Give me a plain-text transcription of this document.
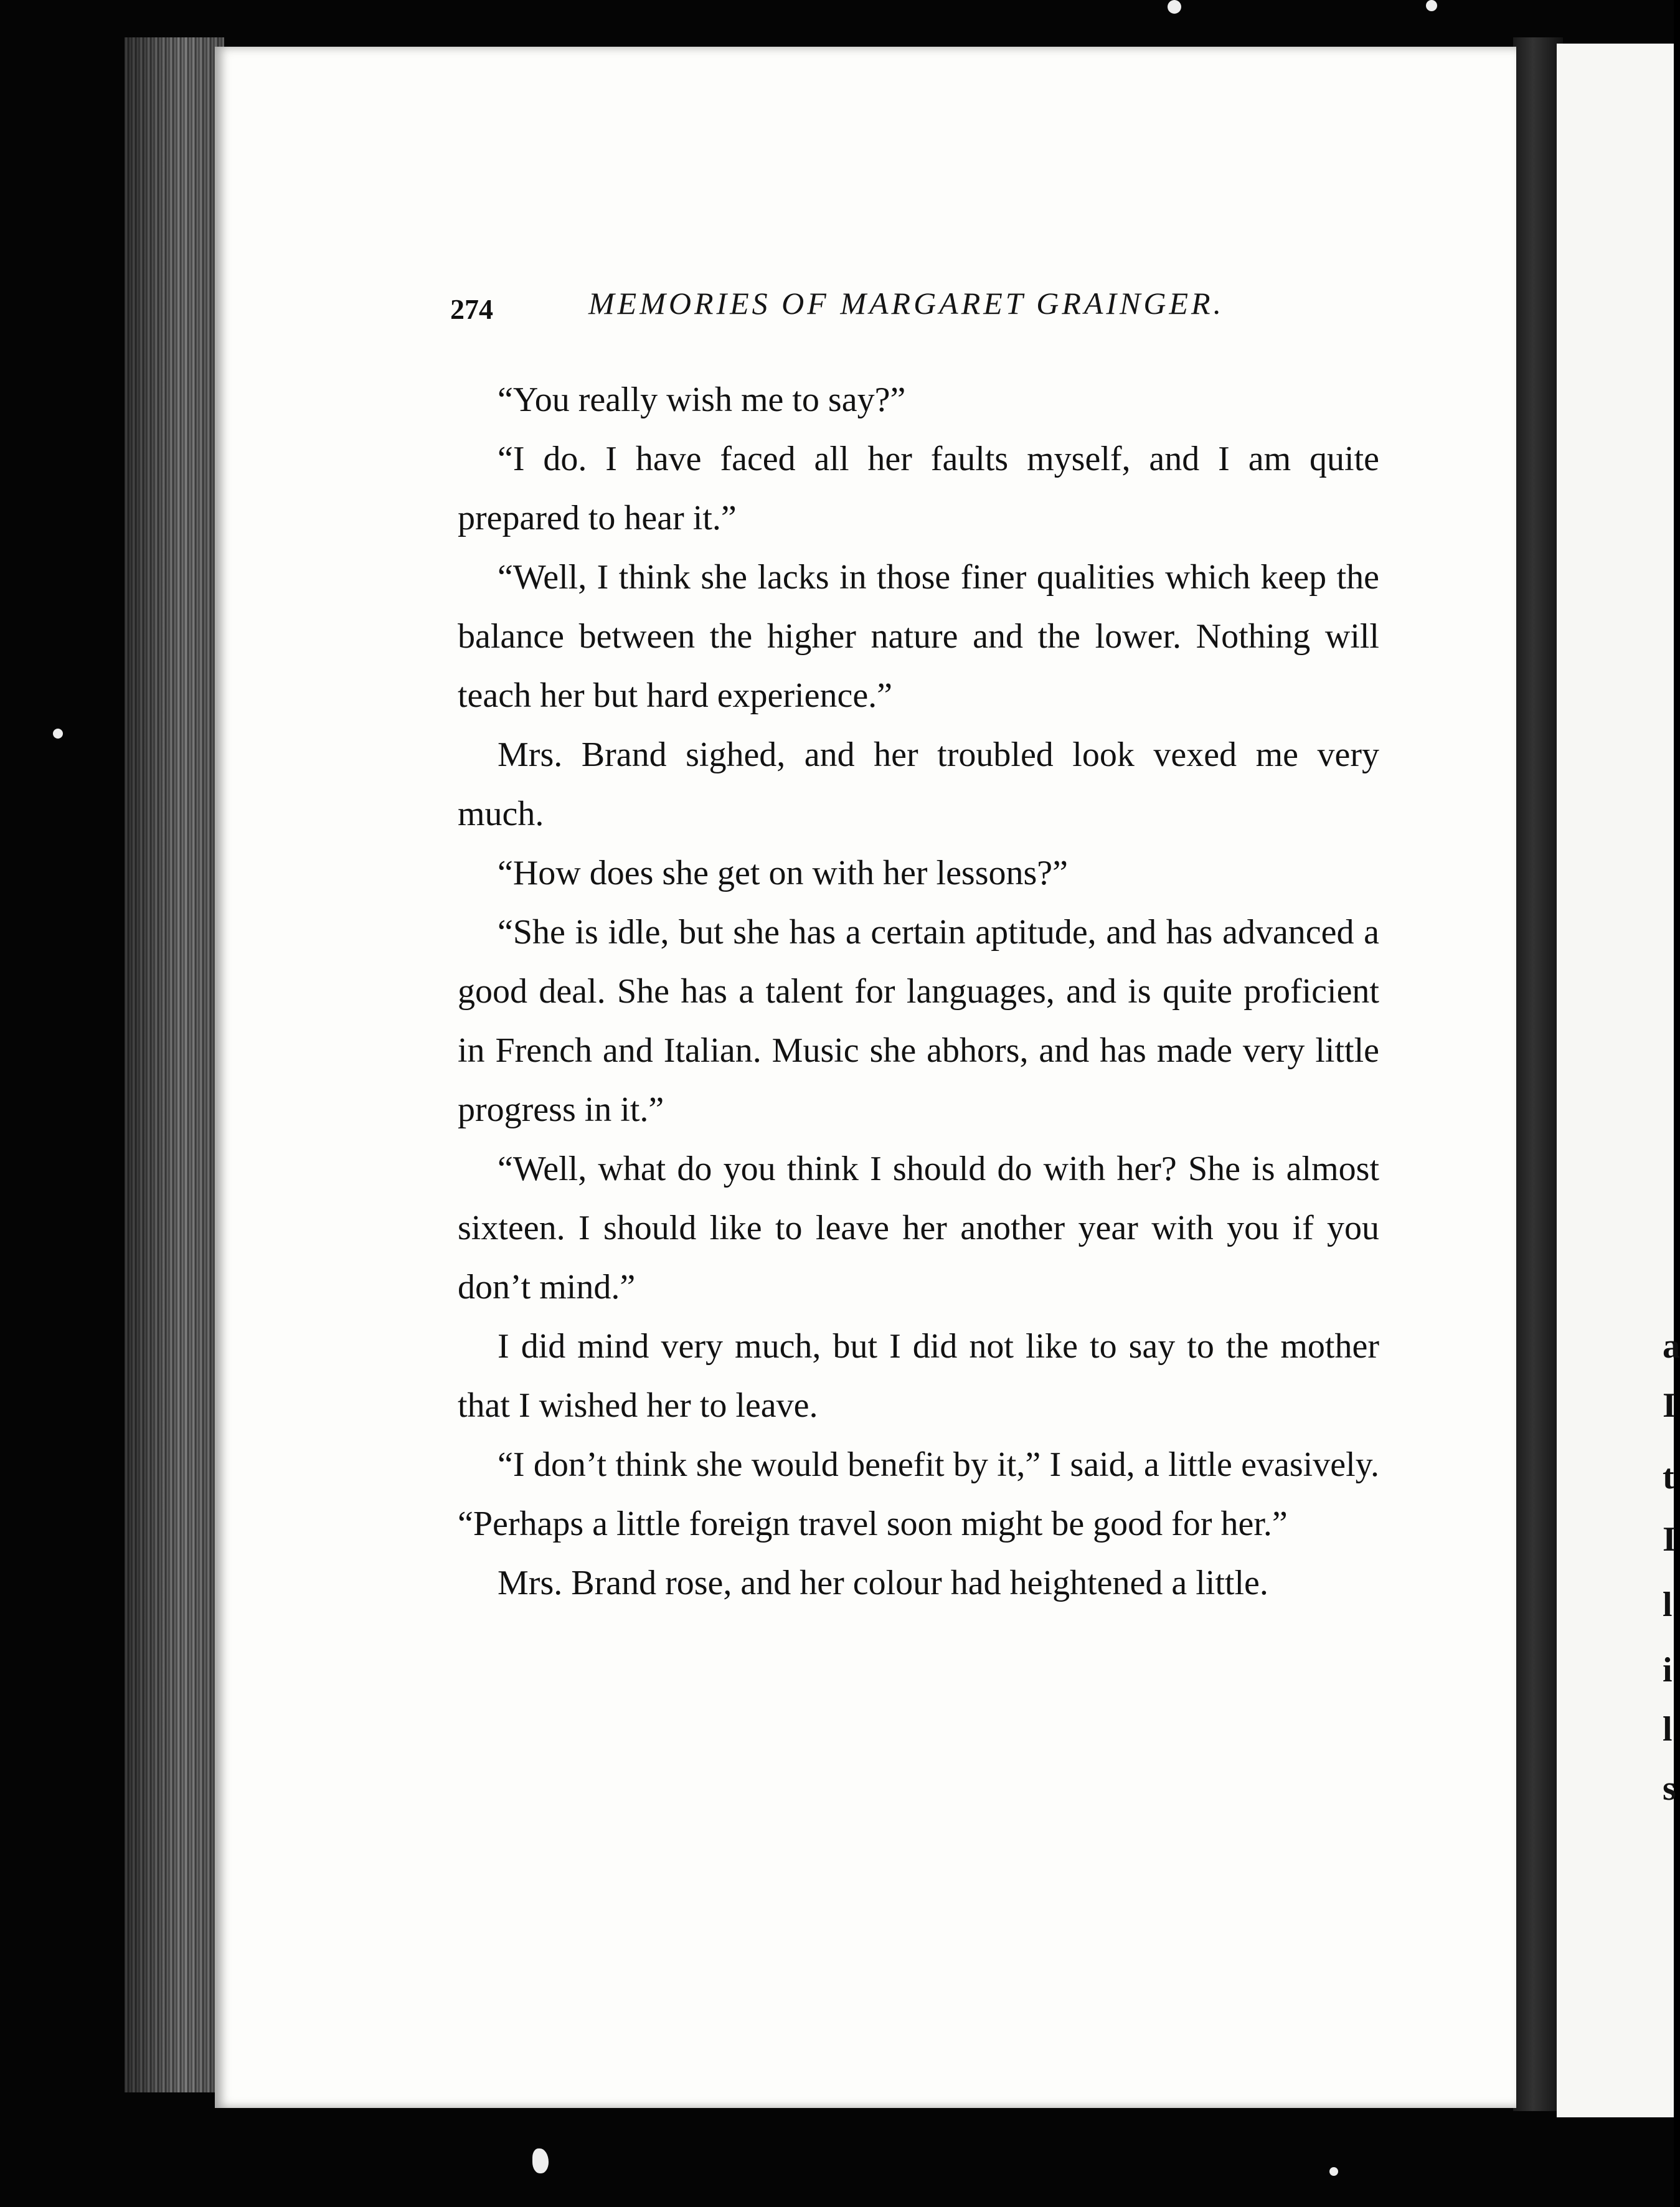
274	MEMORIES OF MARGARET GRAINGER.

“You really wish me to say?”

“I do. I have faced all her faults myself, and I am quite prepared to hear it.”

“Well, I think she lacks in those finer qualities which keep the balance between the higher nature and the lower. Nothing will teach her but hard experience.”

Mrs. Brand sighed, and her troubled look vexed me very much.

“How does she get on with her lessons?”

“She is idle, but she has a certain aptitude, and has advanced a good deal. She has a talent for languages, and is quite proficient in French and Italian. Music she abhors, and has made very little progress in it.”

“Well, what do you think I should do with her? She is almost sixteen. I should like to leave her another year with you if you don’t mind.”

I did mind very much, but I did not like to say to the mother that I wished her to leave.

“I don’t think she would benefit by it,” I said, a little evasively. “Perhaps a little foreign travel soon might be good for her.”

Mrs. Brand rose, and her colour had heightened a little.

a
I
t
I
l
i
l
s
